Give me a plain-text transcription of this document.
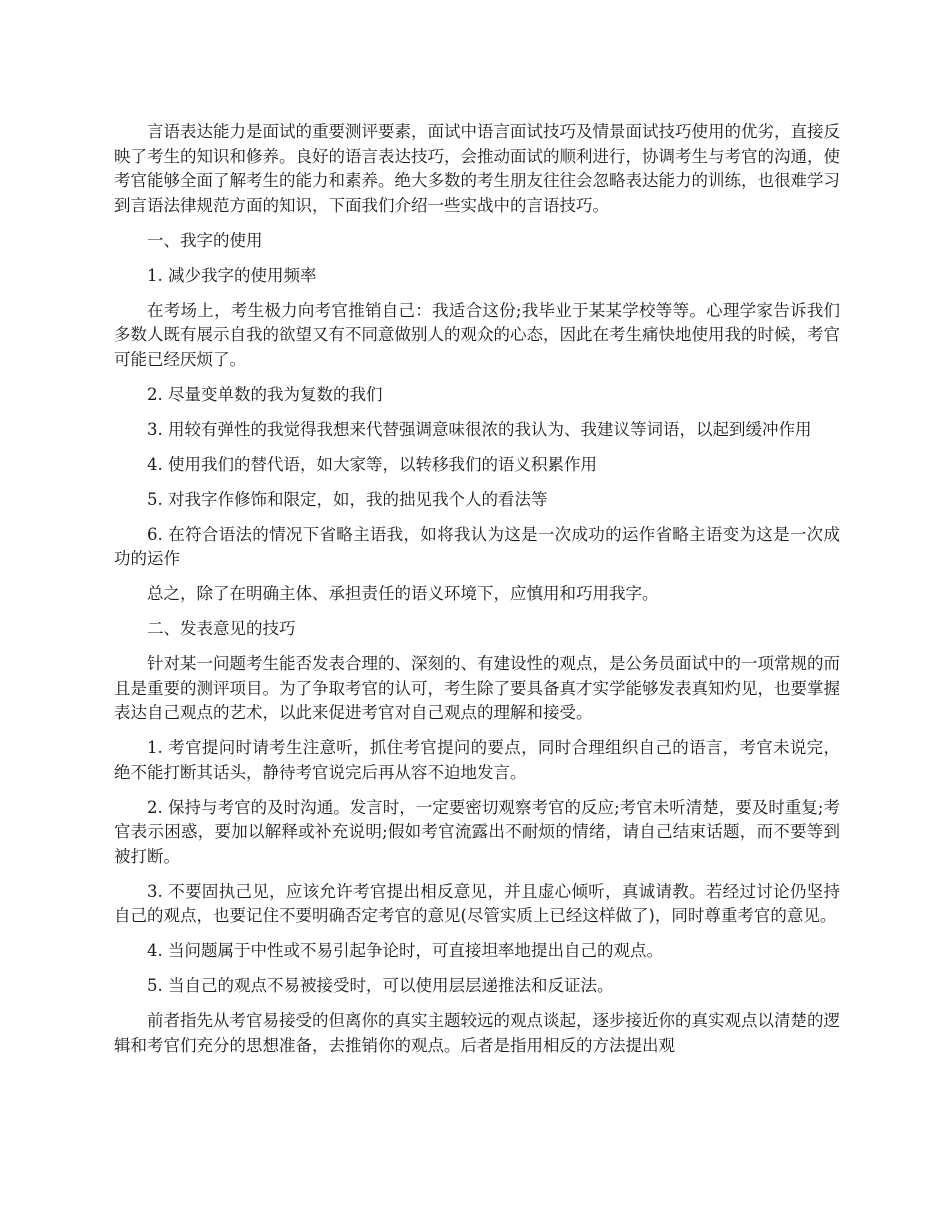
言语表达能力是面试的重要测评要素，面试中语言面试技巧及情景面试技巧使用的优劣，直接反映了考生的知识和修养。良好的语言表达技巧，会推动面试的顺利进行，协调考生与考官的沟通，使考官能够全面了解考生的能力和素养。绝大多数的考生朋友往往会忽略表达能力的训练，也很难学习到言语法律规范方面的知识，下面我们介绍一些实战中的言语技巧。

一、我字的使用

1. 减少我字的使用频率

在考场上，考生极力向考官推销自己：我适合这份;我毕业于某某学校等等。心理学家告诉我们多数人既有展示自我的欲望又有不同意做别人的观众的心态，因此在考生痛快地使用我的时候，考官可能已经厌烦了。

2. 尽量变单数的我为复数的我们

3. 用较有弹性的我觉得我想来代替强调意味很浓的我认为、我建议等词语，以起到缓冲作用

4. 使用我们的替代语，如大家等，以转移我们的语义积累作用

5. 对我字作修饰和限定，如，我的拙见我个人的看法等

6. 在符合语法的情况下省略主语我，如将我认为这是一次成功的运作省略主语变为这是一次成功的运作

总之，除了在明确主体、承担责任的语义环境下，应慎用和巧用我字。

二、发表意见的技巧

针对某一问题考生能否发表合理的、深刻的、有建设性的观点，是公务员面试中的一项常规的而且是重要的测评项目。为了争取考官的认可，考生除了要具备真才实学能够发表真知灼见，也要掌握表达自己观点的艺术，以此来促进考官对自己观点的理解和接受。

1. 考官提问时请考生注意听，抓住考官提问的要点，同时合理组织自己的语言，考官未说完，绝不能打断其话头，静待考官说完后再从容不迫地发言。

2. 保持与考官的及时沟通。发言时，一定要密切观察考官的反应;考官未听清楚，要及时重复;考官表示困惑，要加以解释或补充说明;假如考官流露出不耐烦的情绪，请自己结束话题，而不要等到被打断。

3. 不要固执己见，应该允许考官提出相反意见，并且虚心倾听，真诚请教。若经过讨论仍坚持自己的观点，也要记住不要明确否定考官的意见(尽管实质上已经这样做了)，同时尊重考官的意见。

4. 当问题属于中性或不易引起争论时，可直接坦率地提出自己的观点。

5. 当自己的观点不易被接受时，可以使用层层递推法和反证法。

前者指先从考官易接受的但离你的真实主题较远的观点谈起，逐步接近你的真实观点以清楚的逻辑和考官们充分的思想准备，去推销你的观点。后者是指用相反的方法提出观
